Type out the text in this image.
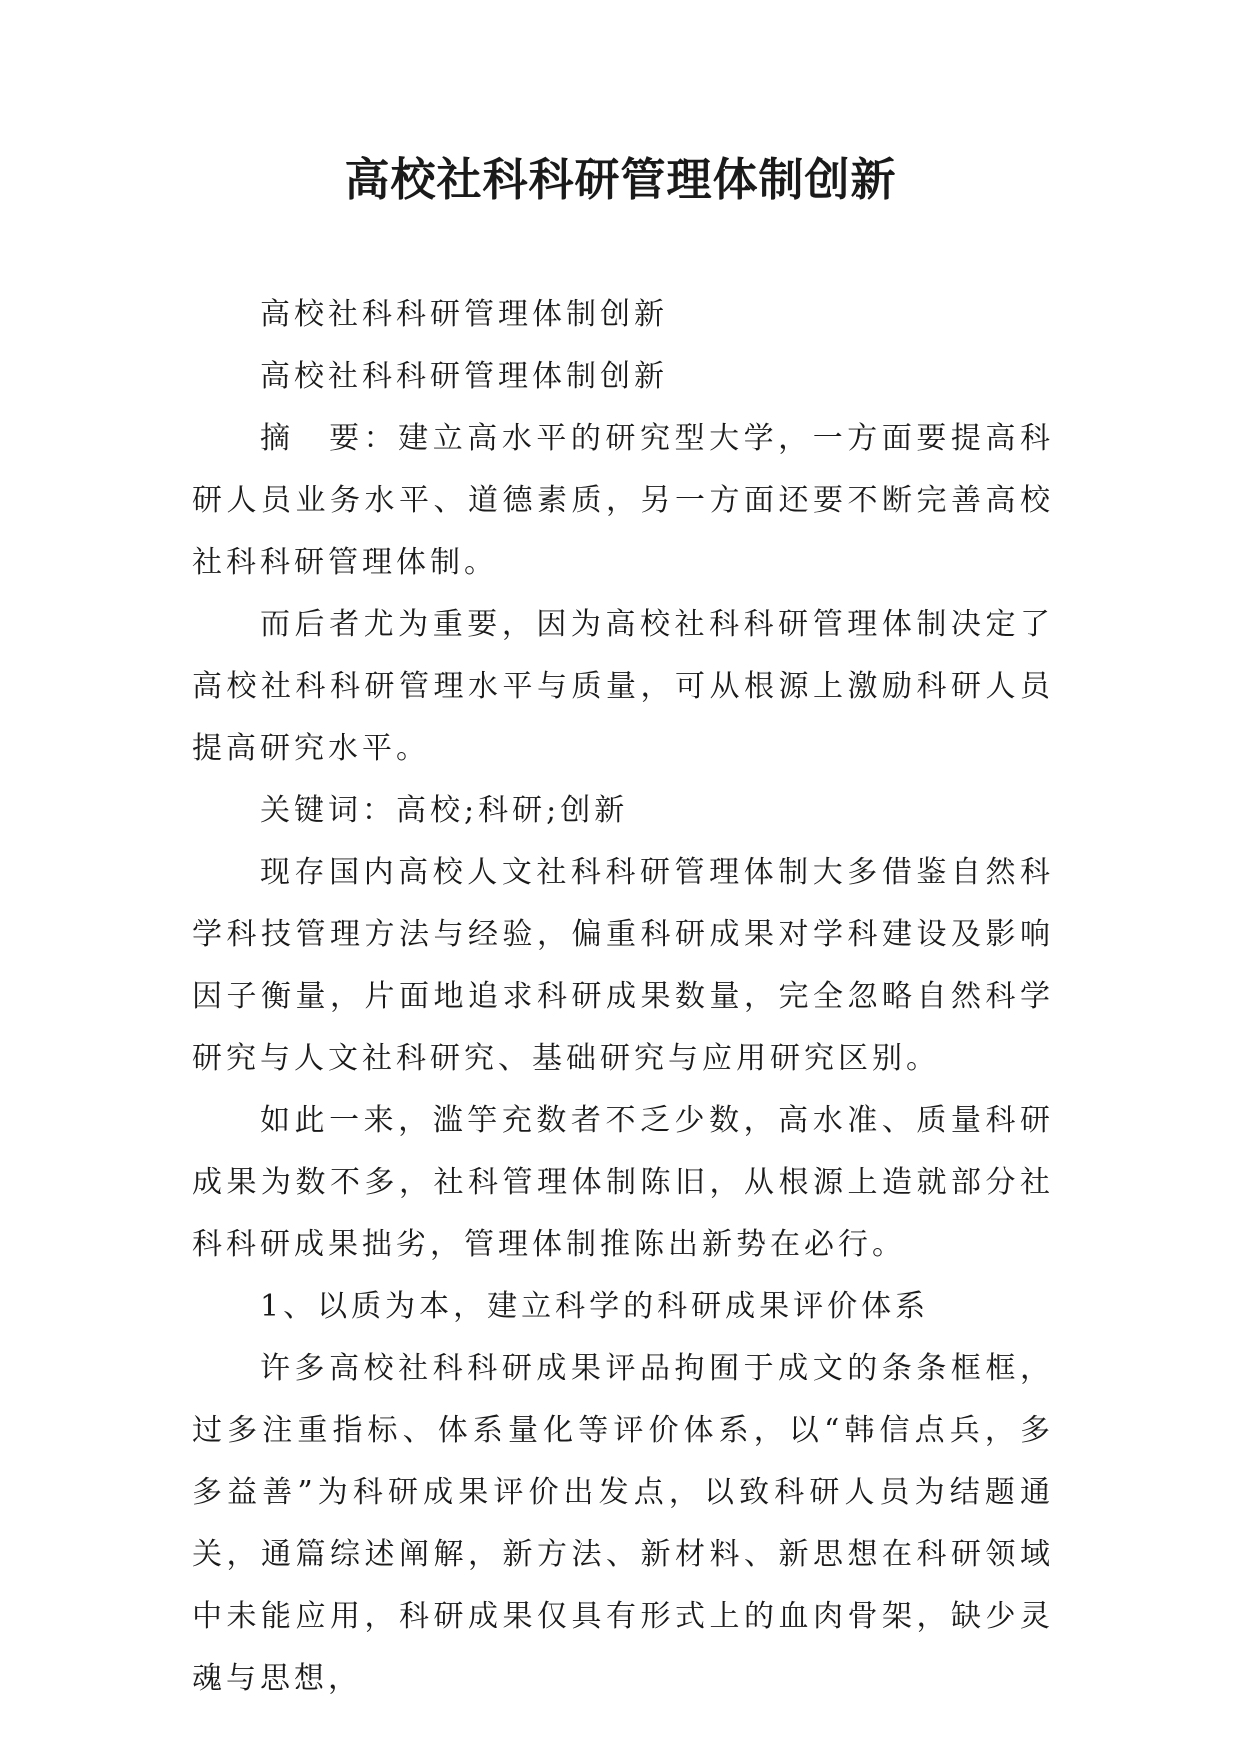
高校社科科研管理体制创新

高校社科科研管理体制创新

高校社科科研管理体制创新

摘　要：建立高水平的研究型大学，一方面要提高科研人员业务水平、道德素质，另一方面还要不断完善高校社科科研管理体制。

而后者尤为重要，因为高校社科科研管理体制决定了高校社科科研管理水平与质量，可从根源上激励科研人员提高研究水平。

关键词：高校;科研;创新

现存国内高校人文社科科研管理体制大多借鉴自然科学科技管理方法与经验，偏重科研成果对学科建设及影响因子衡量，片面地追求科研成果数量，完全忽略自然科学研究与人文社科研究、基础研究与应用研究区别。

如此一来，滥竽充数者不乏少数，高水准、质量科研成果为数不多，社科管理体制陈旧，从根源上造就部分社科科研成果拙劣，管理体制推陈出新势在必行。

1、以质为本，建立科学的科研成果评价体系

许多高校社科科研成果评品拘囿于成文的条条框框，过多注重指标、体系量化等评价体系，以“韩信点兵，多多益善”为科研成果评价出发点，以致科研人员为结题通关，通篇综述阐解，新方法、新材料、新思想在科研领域中未能应用，科研成果仅具有形式上的血肉骨架，缺少灵魂与思想，
